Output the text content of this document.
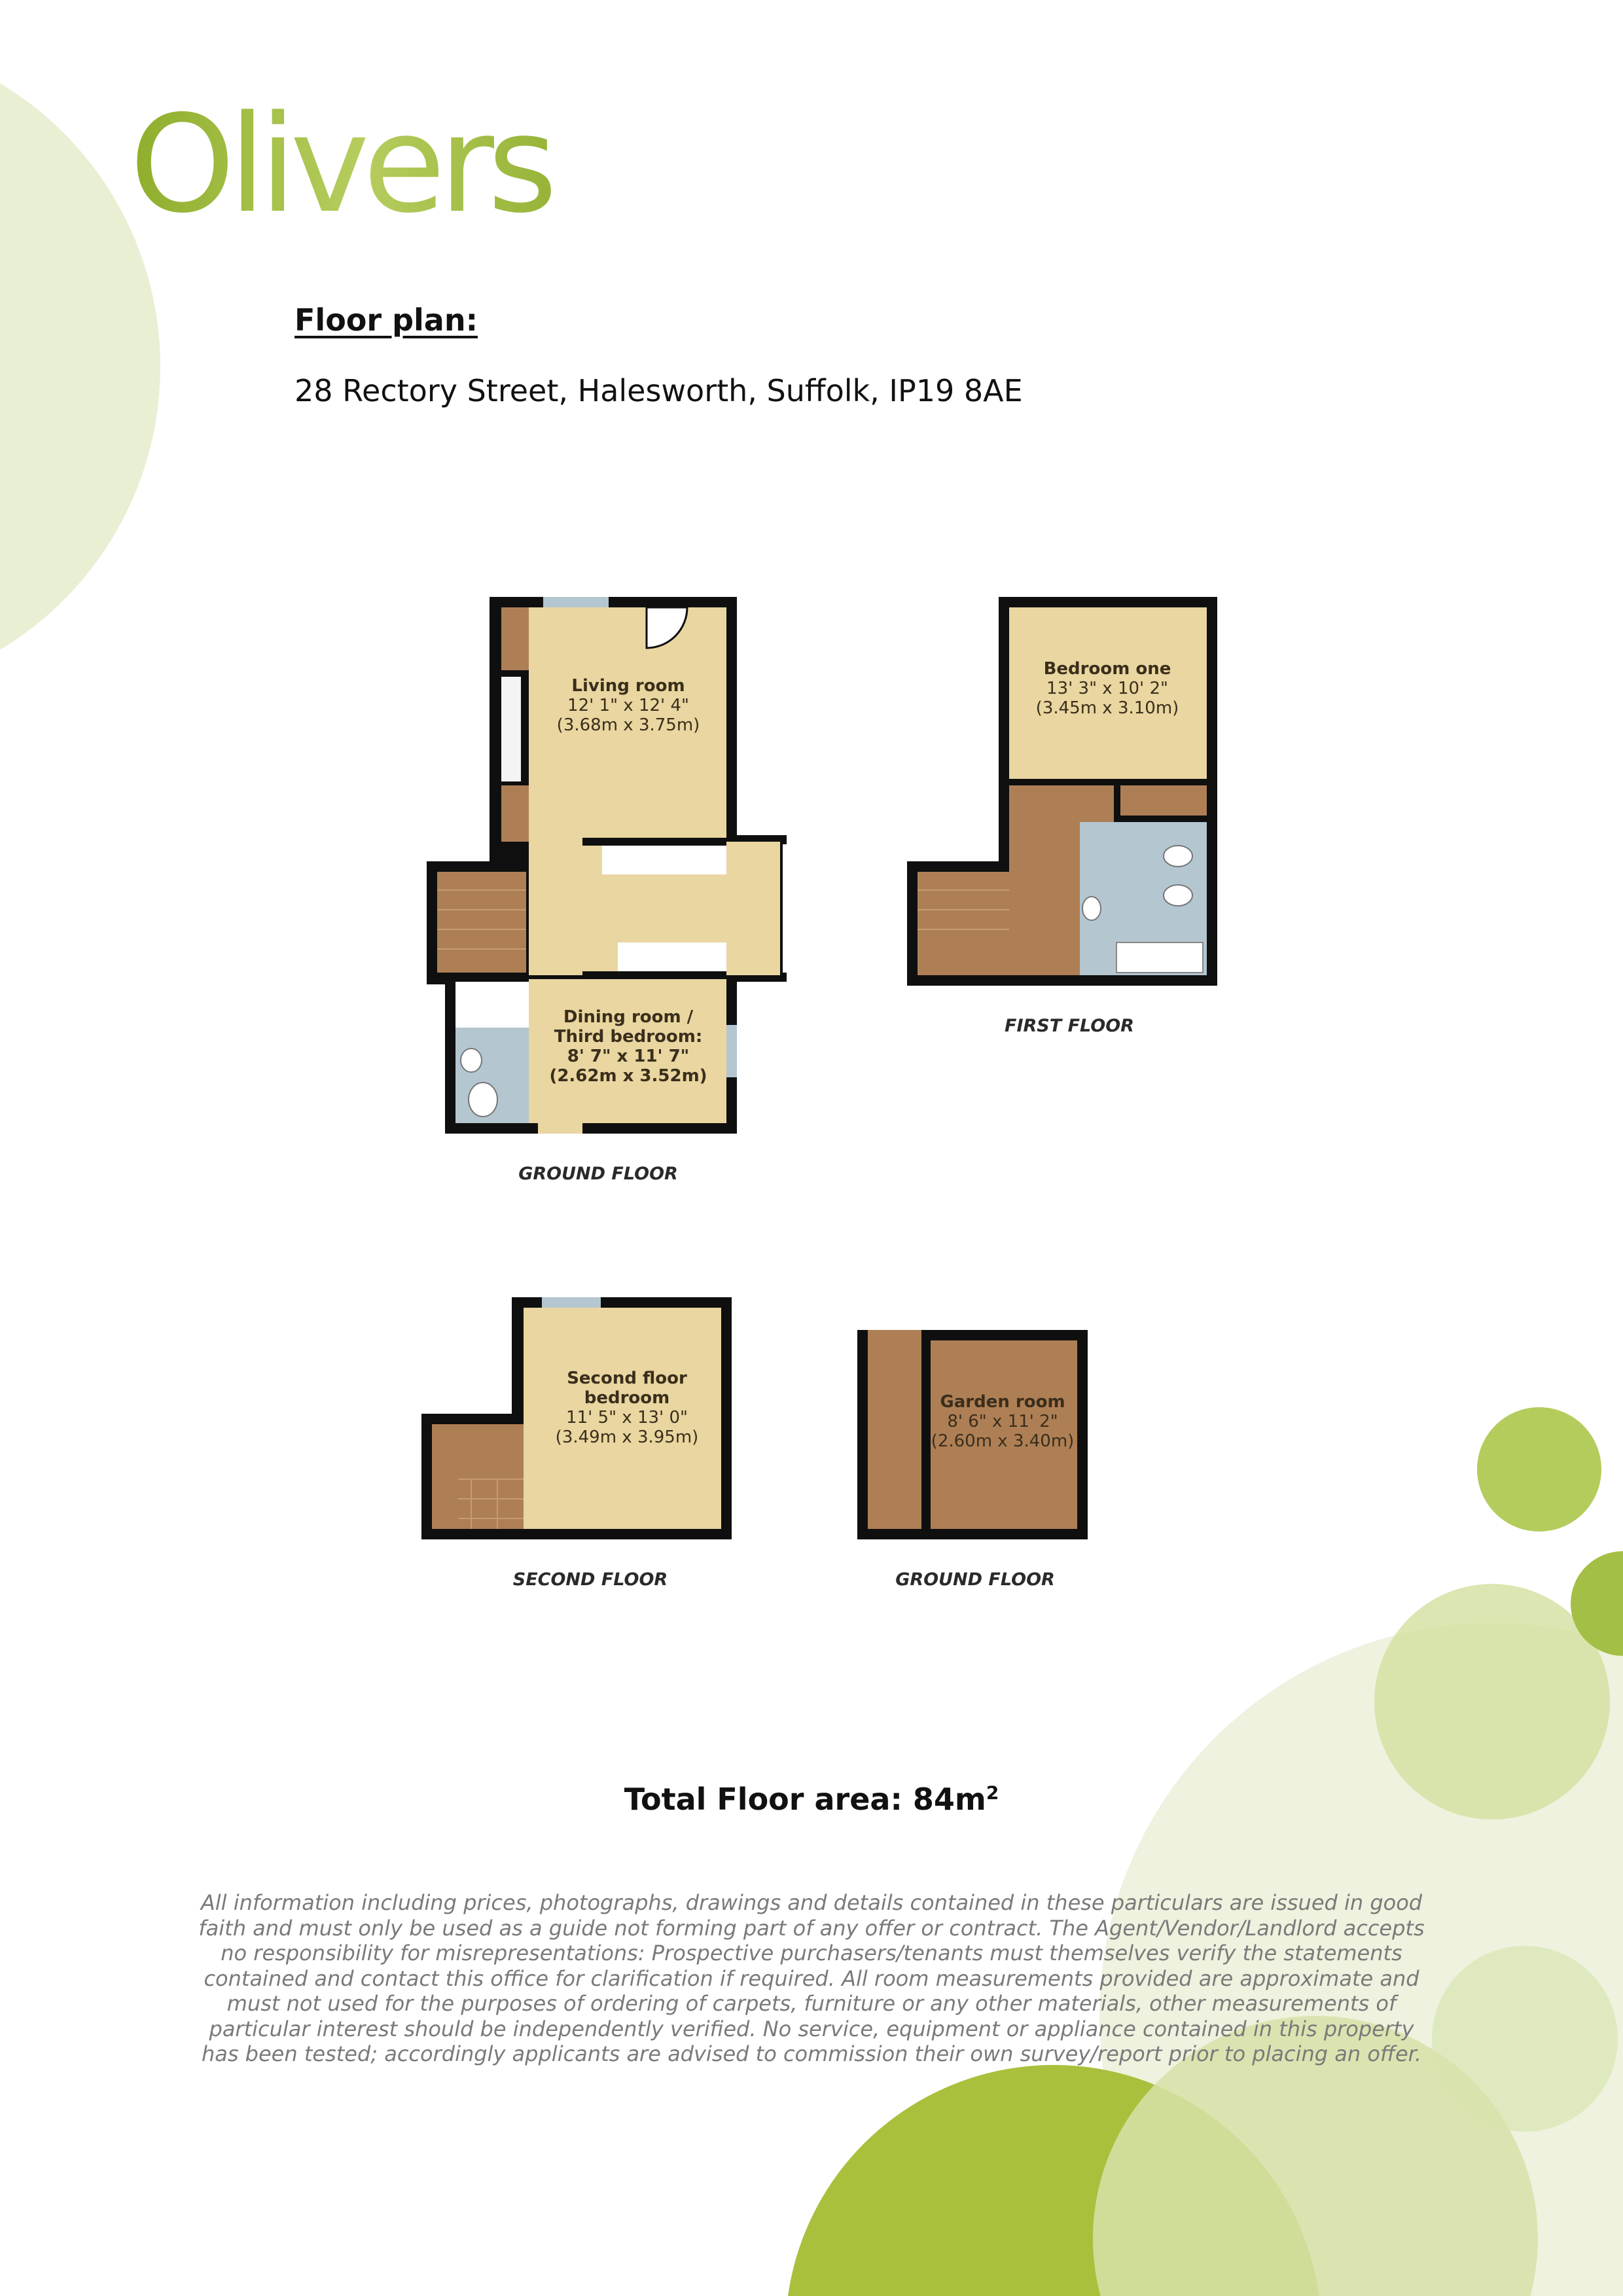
Olivers
Floor plan:
28 Rectory Street, Halesworth, Suffolk, IP19 8AE
Living room
12' 1" x 12' 4"
(3.68m x 3.75m)
Dining room /
Third bedroom:
8' 7" x 11' 7"
(2.62m x 3.52m)
Bedroom one
13' 3" x 10' 2"
(3.45m x 3.10m)
Second floor
bedroom
11' 5" x 13' 0"
(3.49m x 3.95m)
Garden room
8' 6" x 11' 2"
(2.60m x 3.40m)
GROUND FLOOR
FIRST FLOOR
SECOND FLOOR	GROUND FLOOR
Total Floor area: $84m^2$
All information including prices, photographs, drawings and details contained in these particulars are issued in good faith and must only be used as a guide not forming part of any offer or contract. The Agent/Vendor/Landlord accepts no responsibility for misrepresentations: Prospective purchasers/tenants must themselves verify the statements contained and contact this office for clarification if required. All room measurements provided are approximate and must not used for the purposes of ordering of carpets, furniture or any other materials, other measurements of particular interest should be independently verified. No service, equipment or appliance contained in this property has been tested; accordingly applicants are advised to commission their own survey/report prior to placing an offer.
